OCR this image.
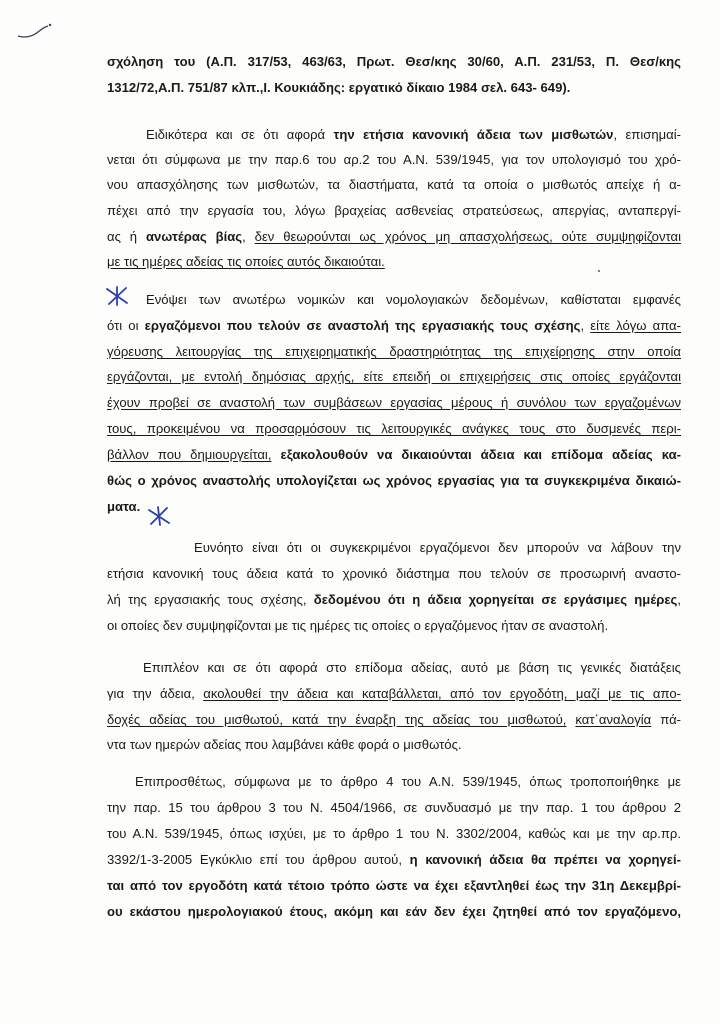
σχόληση του (Α.Π. 317/53, 463/63, Πρωτ. Θεσ/κης 30/60, Α.Π. 231/53, Π. Θεσ/κης
1312/72,Α.Π. 751/87 κλπ.,Ι. Κουκιάδης: εργατικό δίκαιο 1984 σελ. 643- 649).
Ειδικότερα και σε ότι αφορά την ετήσια κανονική άδεια των μισθωτών, επισημαί-
νεται ότι σύμφωνα με την παρ.6 του αρ.2 του Α.Ν. 539/1945, για τον υπολογισμό του χρό-
νου απασχόλησης των μισθωτών, τα διαστήματα, κατά τα οποία ο μισθωτός απείχε ή α-
πέχει από την εργασία του, λόγω βραχείας ασθενείας στρατεύσεως, απεργίας, ανταπεργί-
ας ή ανωτέρας βίας, δεν θεωρούνται ως χρόνος μη απασχολήσεως, ούτε συμψηφίζονται
με τις ημέρες αδείας τις οποίες αυτός δικαιούται.
Ενόψει των ανωτέρω νομικών και νομολογιακών δεδομένων, καθίσταται εμφανές
ότι οι εργαζόμενοι που τελούν σε αναστολή της εργασιακής τους σχέσης, είτε λόγω απα-
γόρευσης λειτουργίας της επιχειρηματικής δραστηριότητας της επιχείρησης στην οποία
εργάζονται, με εντολή δημόσιας αρχής, είτε επειδή οι επιχειρήσεις στις οποίες εργάζονται
έχουν προβεί σε αναστολή των συμβάσεων εργασίας μέρους ή συνόλου των εργαζομένων
τους, προκειμένου να προσαρμόσουν τις λειτουργικές ανάγκες τους στο δυσμενές περι-
βάλλον που δημιουργείται, εξακολουθούν να δικαιούνται άδεια και επίδομα αδείας κα-
θώς ο χρόνος αναστολής υπολογίζεται ως χρόνος εργασίας για τα συγκεκριμένα δικαιώ-
ματα.
Ευνόητο είναι ότι οι συγκεκριμένοι εργαζόμενοι δεν μπορούν να λάβουν την
ετήσια κανονική τους άδεια κατά το χρονικό διάστημα που τελούν σε προσωρινή αναστο-
λή της εργασιακής τους σχέσης, δεδομένου ότι η άδεια χορηγείται σε εργάσιμες ημέρες,
οι οποίες δεν συμψηφίζονται με τις ημέρες τις οποίες ο εργαζόμενος ήταν σε αναστολή.
Επιπλέον και σε ότι αφορά στο επίδομα αδείας, αυτό με βάση τις γενικές διατάξεις
για την άδεια, ακολουθεί την άδεια και καταβάλλεται, από τον εργοδότη, μαζί με τις απο-
δοχές αδείας του μισθωτού, κατά την έναρξη της αδείας του μισθωτού, κατ΄αναλογία πά-
ντα των ημερών αδείας που λαμβάνει κάθε φορά ο μισθωτός.
Επιπροσθέτως, σύμφωνα με το άρθρο 4 του Α.Ν. 539/1945, όπως τροποποιήθηκε με
την παρ. 15 του άρθρου 3 του Ν. 4504/1966, σε συνδυασμό με την παρ. 1 του άρθρου 2
του Α.Ν. 539/1945, όπως ισχύει, με το άρθρο 1 του Ν. 3302/2004, καθώς και με την αρ.πρ.
3392/1-3-2005 Εγκύκλιο επί του άρθρου αυτού, η κανονική άδεια θα πρέπει να χορηγεί-
ται από τον εργοδότη κατά τέτοιο τρόπο ώστε να έχει εξαντληθεί έως την 31η Δεκεμβρί-
ου εκάστου ημερολογιακού έτους, ακόμη και εάν δεν έχει ζητηθεί από τον εργαζόμενο,
